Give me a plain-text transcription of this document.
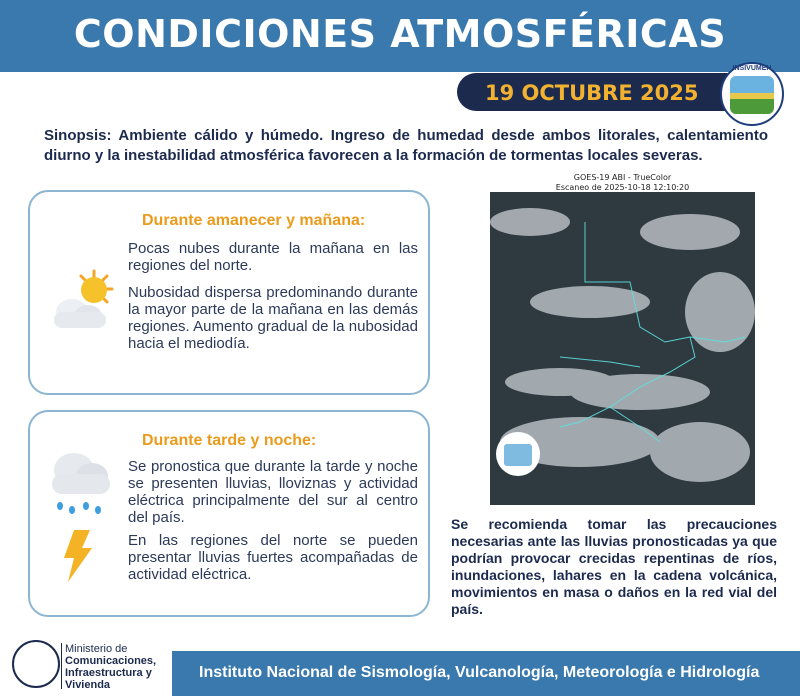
CONDICIONES ATMOSFÉRICAS
19 OCTUBRE 2025
INSIVUMEH

Sinopsis: Ambiente cálido y húmedo. Ingreso de humedad desde ambos litorales, calentamiento diurno y la inestabilidad atmosférica favorecen a la formación de tormentas locales severas.

Durante amanecer y mañana:

Pocas nubes durante la mañana en las regiones del norte.

Nubosidad dispersa predominando durante la mayor parte de la mañana en las demás regiones. Aumento gradual de la nubosidad hacia el mediodía.

Durante tarde y noche:

Se pronostica que durante la tarde y noche se presenten lluvias, lloviznas y actividad eléctrica principalmente del sur al centro del país.

En las regiones del norte se pueden presentar lluvias fuertes acompañadas de actividad eléctrica.

GOES-19 ABI - TrueColor
Escaneo de 2025-10-18 12:10:20

Se recomienda tomar las precauciones necesarias ante las lluvias pronosticadas ya que podrían provocar crecidas repentinas de ríos, inundaciones, lahares en la cadena volcánica, movimientos en masa o daños en la red vial del país.

Ministerio de
Comunicaciones,
Infraestructura y
Vivienda
Instituto Nacional de Sismología, Vulcanología, Meteorología e Hidrología
